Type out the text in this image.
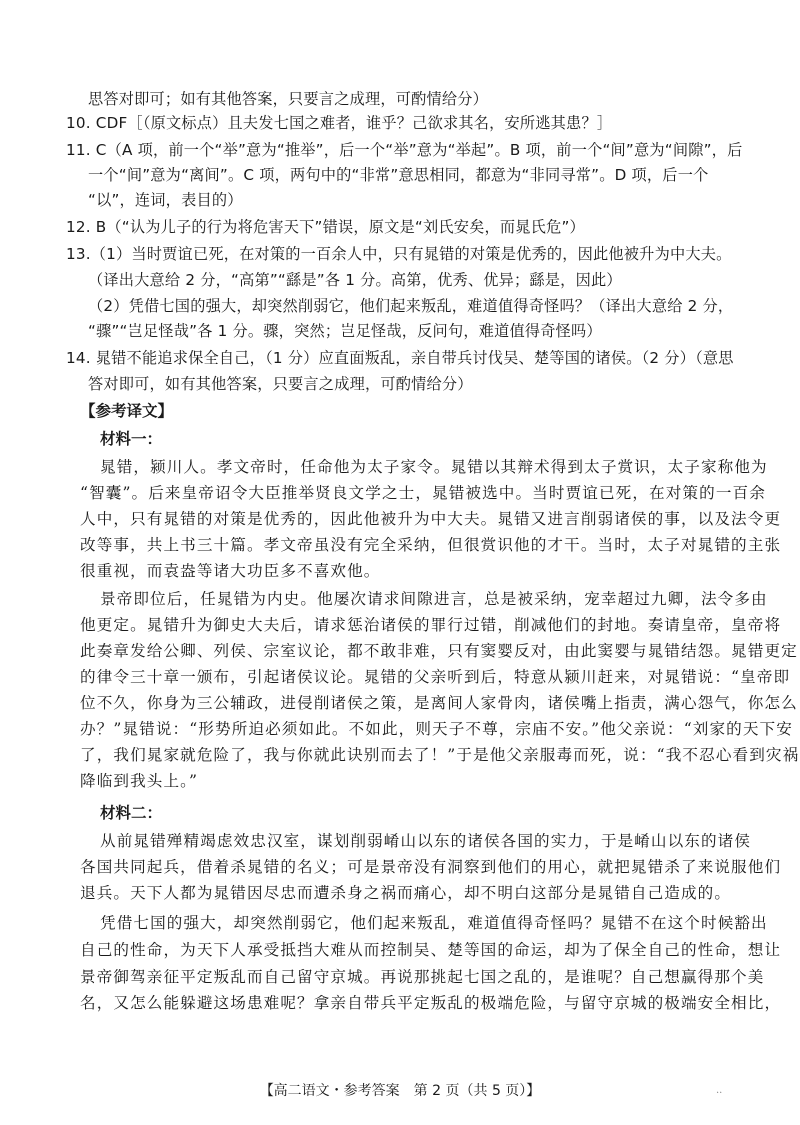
思答对即可；如有其他答案，只要言之成理，可酌情给分）

10. CDF［（原文标点）且夫发七国之难者，谁乎？己欲求其名，安所逃其患？］

11. C（A 项，前一个“举”意为“推举”，后一个“举”意为“举起”。B 项，前一个“间”意为“间隙”，后

一个“间”意为“离间”。C 项，两句中的“非常”意思相同，都意为“非同寻常”。D 项，后一个

“以”，连词，表目的）

12. B（“认为儿子的行为将危害天下”错误，原文是“刘氏安矣，而晁氏危”）

13.（1）当时贾谊已死，在对策的一百余人中，只有晁错的对策是优秀的，因此他被升为中大夫。

（译出大意给 2 分，“高第”“繇是”各 1 分。高第，优秀、优异；繇是，因此）

（2）凭借七国的强大，却突然削弱它，他们起来叛乱，难道值得奇怪吗？（译出大意给 2 分，

“骤”“岂足怪哉”各 1 分。骤，突然；岂足怪哉，反问句，难道值得奇怪吗）

14. 晁错不能追求保全自己，（1 分）应直面叛乱，亲自带兵讨伐吴、楚等国的诸侯。（2 分）（意思

答对即可，如有其他答案，只要言之成理，可酌情给分）

【参考译文】

材料一：

晁错，颍川人。孝文帝时，任命他为太子家令。晁错以其辩术得到太子赏识，太子家称他为

“智囊”。后来皇帝诏令大臣推举贤良文学之士，晁错被选中。当时贾谊已死，在对策的一百余

人中，只有晁错的对策是优秀的，因此他被升为中大夫。晁错又进言削弱诸侯的事，以及法令更

改等事，共上书三十篇。孝文帝虽没有完全采纳，但很赏识他的才干。当时，太子对晁错的主张

很重视，而袁盎等诸大功臣多不喜欢他。

景帝即位后，任晁错为内史。他屡次请求间隙进言，总是被采纳，宠幸超过九卿，法令多由

他更定。晁错升为御史大夫后，请求惩治诸侯的罪行过错，削减他们的封地。奏请皇帝，皇帝将

此奏章发给公卿、列侯、宗室议论，都不敢非难，只有窦婴反对，由此窦婴与晁错结怨。晁错更定

的律令三十章一颁布，引起诸侯议论。晁错的父亲听到后，特意从颍川赶来，对晁错说：“皇帝即

位不久，你身为三公辅政，进侵削诸侯之策，是离间人家骨肉，诸侯嘴上指责，满心怨气，你怎么

办？”晁错说：“形势所迫必须如此。不如此，则天子不尊，宗庙不安。”他父亲说：“刘家的天下安

了，我们晁家就危险了，我与你就此诀别而去了！”于是他父亲服毒而死，说：“我不忍心看到灾祸

降临到我头上。”

材料二：

从前晁错殚精竭虑效忠汉室，谋划削弱崤山以东的诸侯各国的实力，于是崤山以东的诸侯

各国共同起兵，借着杀晁错的名义；可是景帝没有洞察到他们的用心，就把晁错杀了来说服他们

退兵。天下人都为晁错因尽忠而遭杀身之祸而痛心，却不明白这部分是晁错自己造成的。

凭借七国的强大，却突然削弱它，他们起来叛乱，难道值得奇怪吗？晁错不在这个时候豁出

自己的性命，为天下人承受抵挡大难从而控制吴、楚等国的命运，却为了保全自己的性命，想让

景帝御驾亲征平定叛乱而自己留守京城。再说那挑起七国之乱的，是谁呢？自己想赢得那个美

名，又怎么能躲避这场患难呢？拿亲自带兵平定叛乱的极端危险，与留守京城的极端安全相比，

【高二语文・参考答案　第 2 页（共 5 页）】	..
